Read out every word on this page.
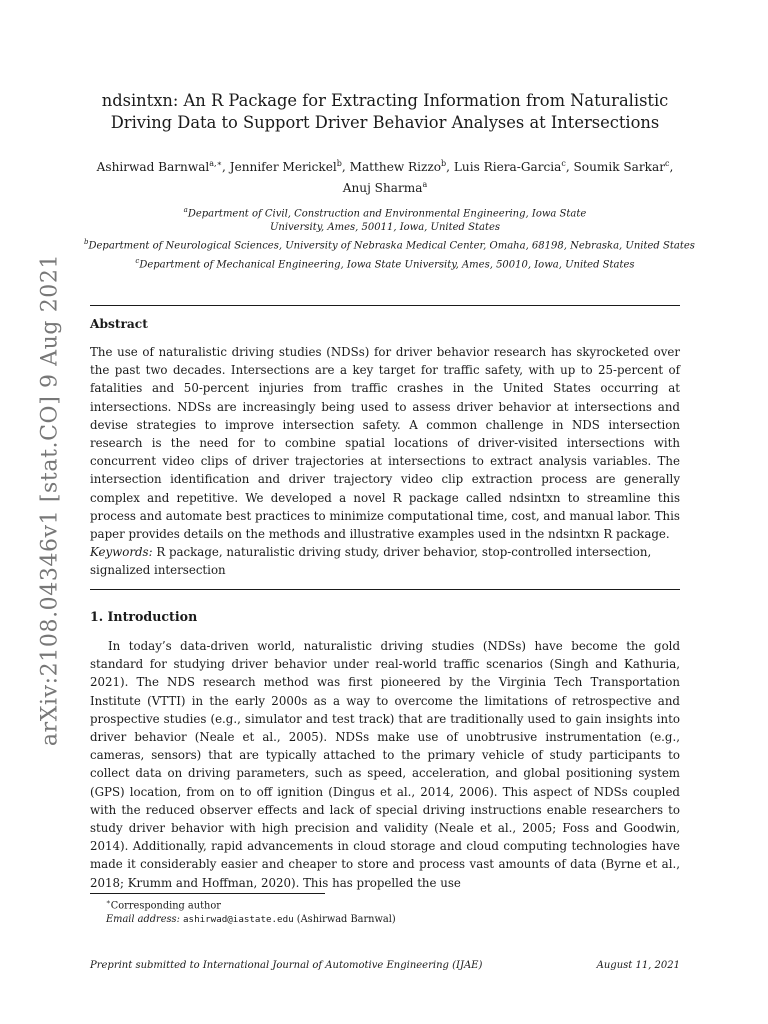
arXiv:2108.04346v1 [stat.CO] 9 Aug 2021
ndsintxn: An R Package for Extracting Information from Naturalistic Driving Data to Support Driver Behavior Analyses at Intersections
Ashirwad Barnwal$^{a,∗}$, Jennifer Merickel$^b$, Matthew Rizzo$^b$, Luis Riera-Garcia$^c$, Soumik Sarkar$^c$, Anuj Sharma$^a$
$^a$Department of Civil, Construction and Environmental Engineering, Iowa State
University, Ames, 50011, Iowa, United States
$^b$Department of Neurological Sciences, University of Nebraska Medical Center, Omaha, 68198, Nebraska, United States
$^c$Department of Mechanical Engineering, Iowa State University, Ames, 50010, Iowa, United States
Abstract
The use of naturalistic driving studies (NDSs) for driver behavior research has skyrocketed over the past two decades. Intersections are a key target for traffic safety, with up to 25-percent of fatalities and 50-percent injuries from traffic crashes in the United States occurring at intersections. NDSs are increasingly being used to assess driver behavior at intersections and devise strategies to improve intersection safety. A common challenge in NDS intersection research is the need for to combine spatial locations of driver-visited intersections with concurrent video clips of driver trajectories at intersections to extract analysis variables. The intersection identification and driver trajectory video clip extraction process are generally complex and repetitive. We developed a novel R package called ndsintxn to streamline this process and automate best practices to minimize computational time, cost, and manual labor. This paper provides details on the methods and illustrative examples used in the ndsintxn R package.
Keywords: R package, naturalistic driving study, driver behavior, stop-controlled intersection, signalized intersection
1. Introduction
In today’s data-driven world, naturalistic driving studies (NDSs) have become the gold standard for studying driver behavior under real-world traffic scenarios (Singh and Kathuria, 2021). The NDS research method was first pioneered by the Virginia Tech Transportation Institute (VTTI) in the early 2000s as a way to overcome the limitations of retrospective and prospective studies (e.g., simulator and test track) that are traditionally used to gain insights into driver behavior (Neale et al., 2005). NDSs make use of unobtrusive instrumentation (e.g., cameras, sensors) that are typically attached to the primary vehicle of study participants to collect data on driving parameters, such as speed, acceleration, and global positioning system (GPS) location, from on to off ignition (Dingus et al., 2014, 2006). This aspect of NDSs coupled with the reduced observer effects and lack of special driving instructions enable researchers to study driver behavior with high precision and validity (Neale et al., 2005; Foss and Goodwin, 2014). Additionally, rapid advancements in cloud storage and cloud computing technologies have made it considerably easier and cheaper to store and process vast amounts of data (Byrne et al., 2018; Krumm and Hoffman, 2020). This has propelled the use
∗Corresponding author
Email address: ashirwad@iastate.edu (Ashirwad Barnwal)
Preprint submitted to International Journal of Automotive Engineering (IJAE)	August 11, 2021
